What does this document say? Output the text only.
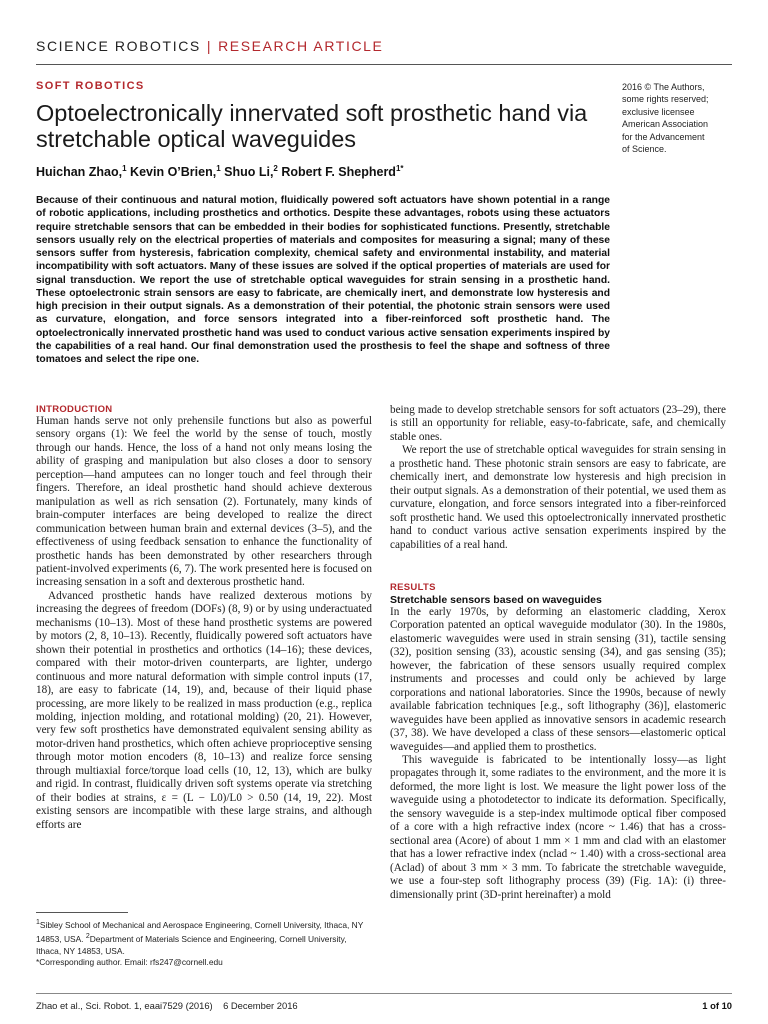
SCIENCE ROBOTICS | RESEARCH ARTICLE
SOFT ROBOTICS
Optoelectronically innervated soft prosthetic hand via stretchable optical waveguides
2016 © The Authors,
some rights reserved;
exclusive licensee
American Association
for the Advancement
of Science.
Huichan Zhao,$^1$ Kevin O’Brien,$^1$ Shuo Li,$^2$ Robert F. Shepherd$^{1*}$
Because of their continuous and natural motion, fluidically powered soft actuators have shown potential in a range of robotic applications, including prosthetics and orthotics. Despite these advantages, robots using these actuators require stretchable sensors that can be embedded in their bodies for sophisticated functions. Presently, stretchable sensors usually rely on the electrical properties of materials and composites for measuring a signal; many of these sensors suffer from hysteresis, fabrication complexity, chemical safety and environmental instability, and material incompatibility with soft actuators. Many of these issues are solved if the optical properties of materials are used for signal transduction. We report the use of stretchable optical waveguides for strain sensing in a prosthetic hand. These optoelectronic strain sensors are easy to fabricate, are chemically inert, and demonstrate low hysteresis and high precision in their output signals. As a demonstration of their potential, the photonic strain sensors were used as curvature, elongation, and force sensors integrated into a fiber-reinforced soft prosthetic hand. The optoelectronically innervated prosthetic hand was used to conduct various active sensation experiments inspired by the capabilities of a real hand. Our final demonstration used the prosthesis to feel the shape and softness of three tomatoes and select the ripe one.

INTRODUCTION

Human hands serve not only prehensile functions but also as powerful sensory organs (1): We feel the world by the sense of touch, mostly through our hands. Hence, the loss of a hand not only means losing the ability of grasping and manipulation but also closes a door to sensory perception—hand amputees can no longer touch and feel through their fingers. Therefore, an ideal prosthetic hand should achieve dexterous manipulation as well as rich sensation (2). Fortunately, many kinds of brain-computer interfaces are being developed to realize the direct communication between human brain and external devices (3–5), and the effectiveness of using feedback sensation to enhance the functionality of prosthetic hands has been demonstrated by other researchers through patient-involved experiments (6, 7). The work presented here is focused on increasing sensation in a soft and dexterous prosthetic hand.

Advanced prosthetic hands have realized dexterous motions by increasing the degrees of freedom (DOFs) (8, 9) or by using underactuated mechanisms (10–13). Most of these hand prosthetic systems are powered by motors (2, 8, 10–13). Recently, fluidically powered soft actuators have shown their potential in prosthetics and orthotics (14–16); these devices, compared with their motor-driven counterparts, are lighter, undergo continuous and more natural deformation with simple control inputs (17, 18), are easy to fabricate (14, 19), and, because of their liquid phase processing, are more likely to be realized in mass production (e.g., replica molding, injection molding, and rotational molding) (20, 21). However, very few soft prosthetics have demonstrated equivalent sensing ability as motor-driven hand prosthetics, which often achieve proprioceptive sensing through motor motion encoders (8, 10–13) and realize force sensing through multiaxial force/torque load cells (10, 12, 13), which are bulky and rigid. In contrast, fluidically driven soft systems operate via stretching of their bodies at strains, ε = (L − L0)/L0 > 0.50 (14, 19, 22). Most existing sensors are incompatible with these large strains, and although efforts are

being made to develop stretchable sensors for soft actuators (23–29), there is still an opportunity for reliable, easy-to-fabricate, safe, and chemically stable ones.

We report the use of stretchable optical waveguides for strain sensing in a prosthetic hand. These photonic strain sensors are easy to fabricate, are chemically inert, and demonstrate low hysteresis and high precision in their output signals. As a demonstration of their potential, we used them as curvature, elongation, and force sensors integrated into a fiber-reinforced soft prosthetic hand. We used this optoelectronically innervated prosthetic hand to conduct various active sensation experiments inspired by the capabilities of a real hand.

RESULTS

Stretchable sensors based on waveguides

In the early 1970s, by deforming an elastomeric cladding, Xerox Corporation patented an optical waveguide modulator (30). In the 1980s, elastomeric waveguides were used in strain sensing (31), tactile sensing (32), position sensing (33), acoustic sensing (34), and gas sensing (35); however, the fabrication of these sensors usually required complex instruments and processes and could only be achieved by large corporations and national laboratories. Since the 1990s, because of newly available fabrication techniques [e.g., soft lithography (36)], elastomeric waveguides have been applied as innovative sensors in academic research (37, 38). We have developed a class of these sensors—elastomeric optical waveguides—and applied them to prosthetics.

This waveguide is fabricated to be intentionally lossy—as light propagates through it, some radiates to the environment, and the more it is deformed, the more light is lost. We measure the light power loss of the waveguide using a photodetector to indicate its deformation. Specifically, the sensory waveguide is a step-index multimode optical fiber composed of a core with a high refractive index (ncore ~ 1.46) that has a cross-sectional area (Acore) of about 1 mm × 1 mm and clad with an elastomer that has a lower refractive index (nclad ~ 1.40) with a cross-sectional area (Aclad) of about 3 mm × 3 mm. To fabricate the stretchable waveguide, we use a four-step soft lithography process (39) (Fig. 1A): (i) three-dimensionally print (3D-print hereinafter) a mold

$^1$Sibley School of Mechanical and Aerospace Engineering, Cornell University, Ithaca, NY 14853, USA. $^2$Department of Materials Science and Engineering, Cornell University, Ithaca, NY 14853, USA.
*Corresponding author. Email: rfs247@cornell.edu
Zhao et al., Sci. Robot. 1, eaai7529 (2016)    6 December 2016	1 of 10
